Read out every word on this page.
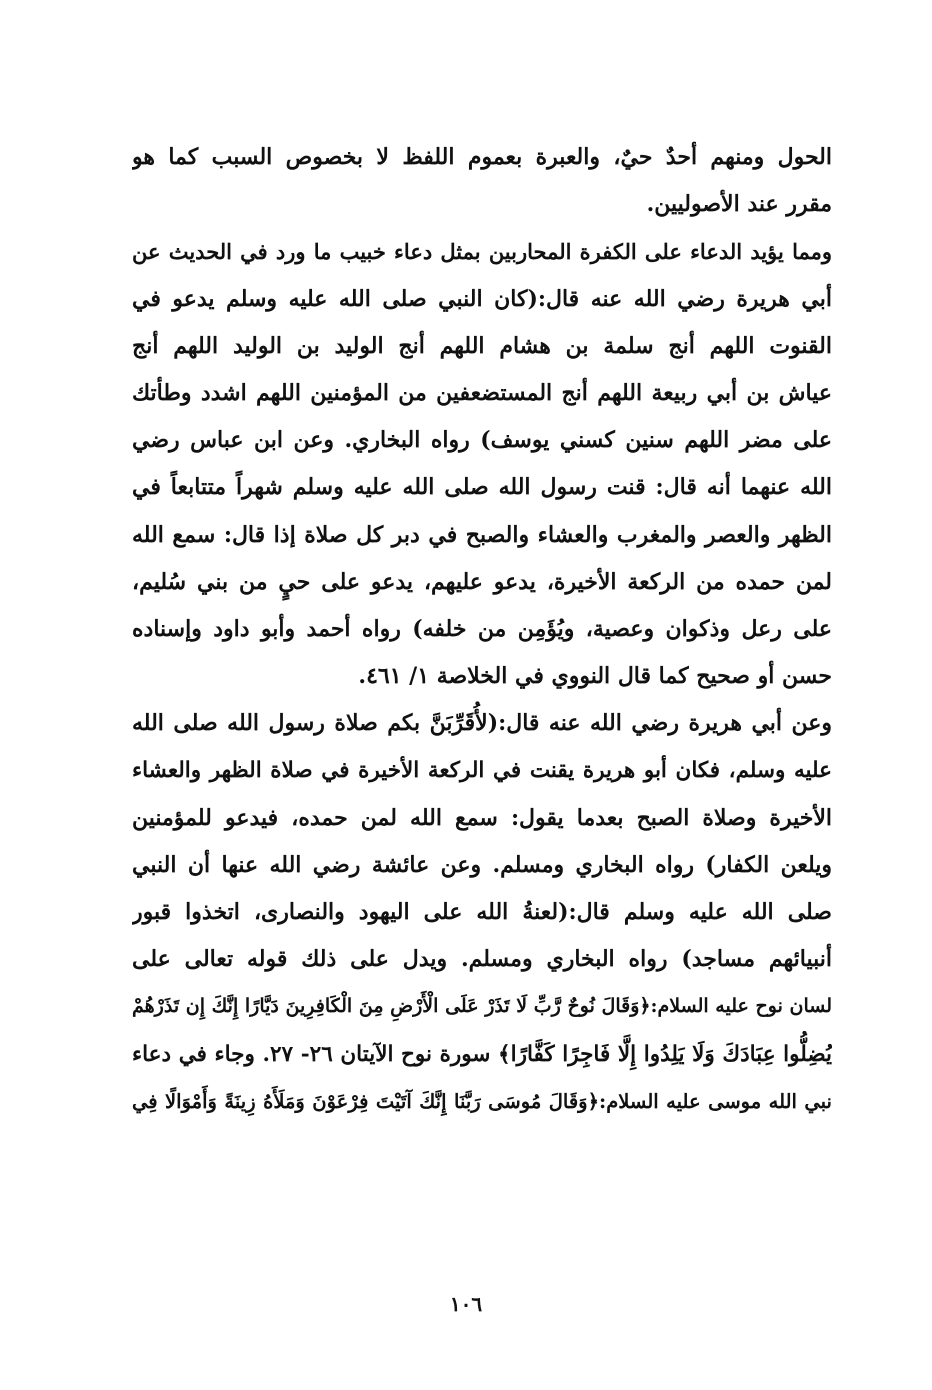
الحول ومنهم أحدٌ حيٌ، والعبرة بعموم اللفظ لا بخصوص السبب كما هو
مقرر عند الأصوليين.
ومما يؤيد الدعاء على الكفرة المحاربين بمثل دعاء خبيب ما ورد في الحديث عن
أبي هريرة رضي الله عنه قال:(كان النبي صلى الله عليه وسلم يدعو في
القنوت اللهم أنج سلمة بن هشام اللهم أنج الوليد بن الوليد اللهم أنج
عياش بن أبي ربيعة اللهم أنج المستضعفين من المؤمنين اللهم اشدد وطأتك
على مضر اللهم سنين كسني يوسف) رواه البخاري. وعن ابن عباس رضي
الله عنهما أنه قال: قنت رسول الله صلى الله عليه وسلم شهراً متتابعاً في
الظهر والعصر والمغرب والعشاء والصبح في دبر كل صلاة إذا قال: سمع الله
لمن حمده من الركعة الأخيرة، يدعو عليهم، يدعو على حيٍ من بني سُليم،
على رعل وذكوان وعصية، ويُؤَمِن من خلفه) رواه أحمد وأبو داود وإسناده
حسن أو صحيح كما قال النووي في الخلاصة ١/ ٤٦١.
وعن أبي هريرة رضي الله عنه قال:(لأُقَرِّبَنَّ بكم صلاة رسول الله صلى الله
عليه وسلم، فكان أبو هريرة يقنت في الركعة الأخيرة في صلاة الظهر والعشاء
الأخيرة وصلاة الصبح بعدما يقول: سمع الله لمن حمده، فيدعو للمؤمنين
ويلعن الكفار) رواه البخاري ومسلم. وعن عائشة رضي الله عنها أن النبي
صلى الله عليه وسلم قال:(لعنةُ الله على اليهود والنصارى، اتخذوا قبور
أنبيائهم مساجد) رواه البخاري ومسلم. ويدل على ذلك قوله تعالى على
لسان نوح عليه السلام:﴿وَقَالَ نُوحٌ رَّبِّ لَا تَذَرْ عَلَى الْأَرْضِ مِنَ الْكَافِرِينَ دَيَّارًا إِنَّكَ إِن تَذَرْهُمْ
يُضِلُّوا عِبَادَكَ وَلَا يَلِدُوا إِلَّا فَاجِرًا كَفَّارًا﴾ سورة نوح الآيتان ٢٦- ٢٧. وجاء في دعاء
نبي الله موسى عليه السلام:﴿وَقَالَ مُوسَى رَبَّنَا إِنَّكَ آتَيْتَ فِرْعَوْنَ وَمَلَأَهُ زِينَةً وَأَمْوَالًا فِي
١٠٦
